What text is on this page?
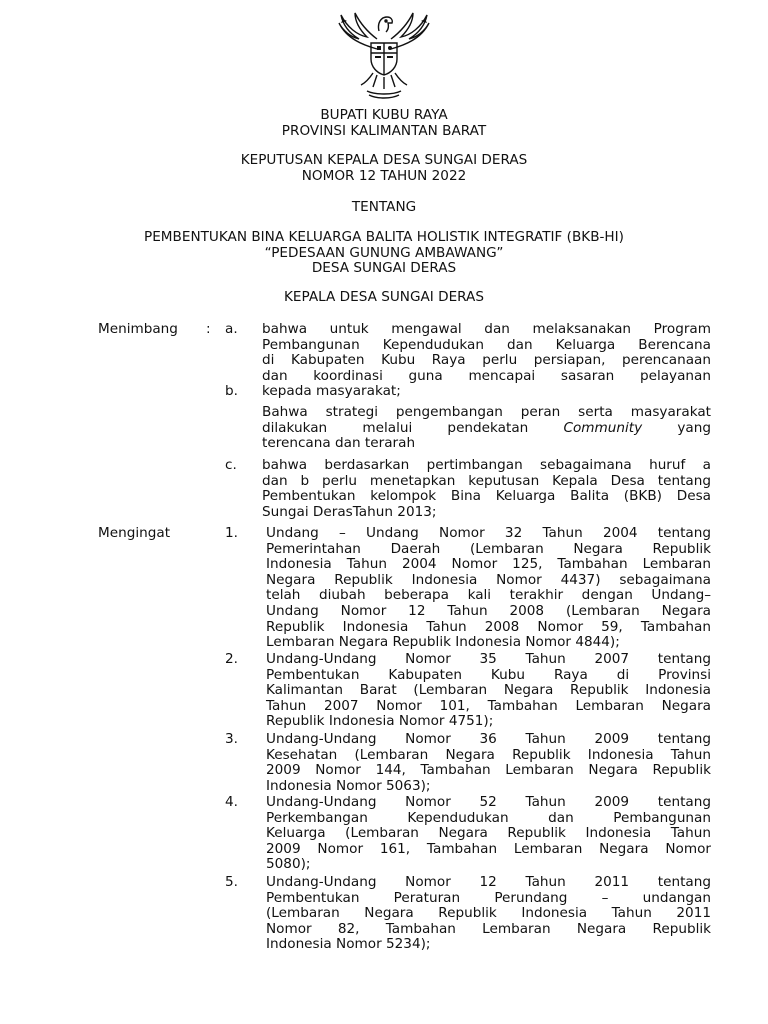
BUPATI KUBU RAYA
PROVINSI KALIMANTAN BARAT
KEPUTUSAN KEPALA DESA SUNGAI DERAS
NOMOR 12 TAHUN 2022
TENTANG
PEMBENTUKAN BINA KELUARGA BALITA HOLISTIK INTEGRATIF (BKB-HI)
“PEDESAAN GUNUNG AMBAWANG”
DESA SUNGAI DERAS
KEPALA DESA SUNGAI DERAS
Menimbang : a. bahwa untuk mengawal dan melaksanakan Program
Pembangunan Kependudukan dan Keluarga Berencana
di Kabupaten Kubu Raya perlu persiapan, perencanaan
dan koordinasi guna mencapai sasaran pelayanan
kepada masyarakat;
b.
Bahwa strategi pengembangan peran serta masyarakat
dilakukan melalui pendekatan	Community	yang
terencana dan terarah
c. bahwa berdasarkan pertimbangan sebagaimana huruf a
dan b perlu menetapkan keputusan Kepala Desa tentang
Pembentukan kelompok Bina Keluarga Balita (BKB) Desa
Sungai DerasTahun 2013;
Mengingat	1. Undang – Undang Nomor 32 Tahun 2004 tentang
Pemerintahan Daerah (Lembaran Negara Republik
Indonesia Tahun 2004 Nomor 125, Tambahan Lembaran
Negara Republik Indonesia Nomor 4437) sebagaimana
telah diubah beberapa kali terakhir dengan Undang–
Undang Nomor 12 Tahun 2008 (Lembaran Negara
Republik Indonesia Tahun 2008 Nomor 59, Tambahan
Lembaran Negara Republik Indonesia Nomor 4844);
2. Undang-Undang Nomor 35 Tahun 2007 tentang
Pembentukan Kabupaten Kubu Raya di Provinsi
Kalimantan Barat (Lembaran Negara Republik Indonesia
Tahun 2007 Nomor 101, Tambahan Lembaran Negara
Republik Indonesia Nomor 4751);
3. Undang-Undang Nomor 36 Tahun 2009 tentang
Kesehatan (Lembaran Negara Republik Indonesia Tahun
2009 Nomor 144, Tambahan Lembaran Negara Republik
Indonesia Nomor 5063);
4. Undang-Undang Nomor 52 Tahun 2009 tentang
Perkembangan Kependudukan dan Pembangunan
Keluarga (Lembaran Negara Republik Indonesia Tahun
2009 Nomor 161, Tambahan Lembaran Negara Nomor
5080);
5. Undang-Undang Nomor 12 Tahun 2011 tentang
Pembentukan Peraturan Perundang – undangan
(Lembaran Negara Republik Indonesia Tahun 2011
Nomor 82, Tambahan Lembaran Negara Republik
Indonesia Nomor 5234);
